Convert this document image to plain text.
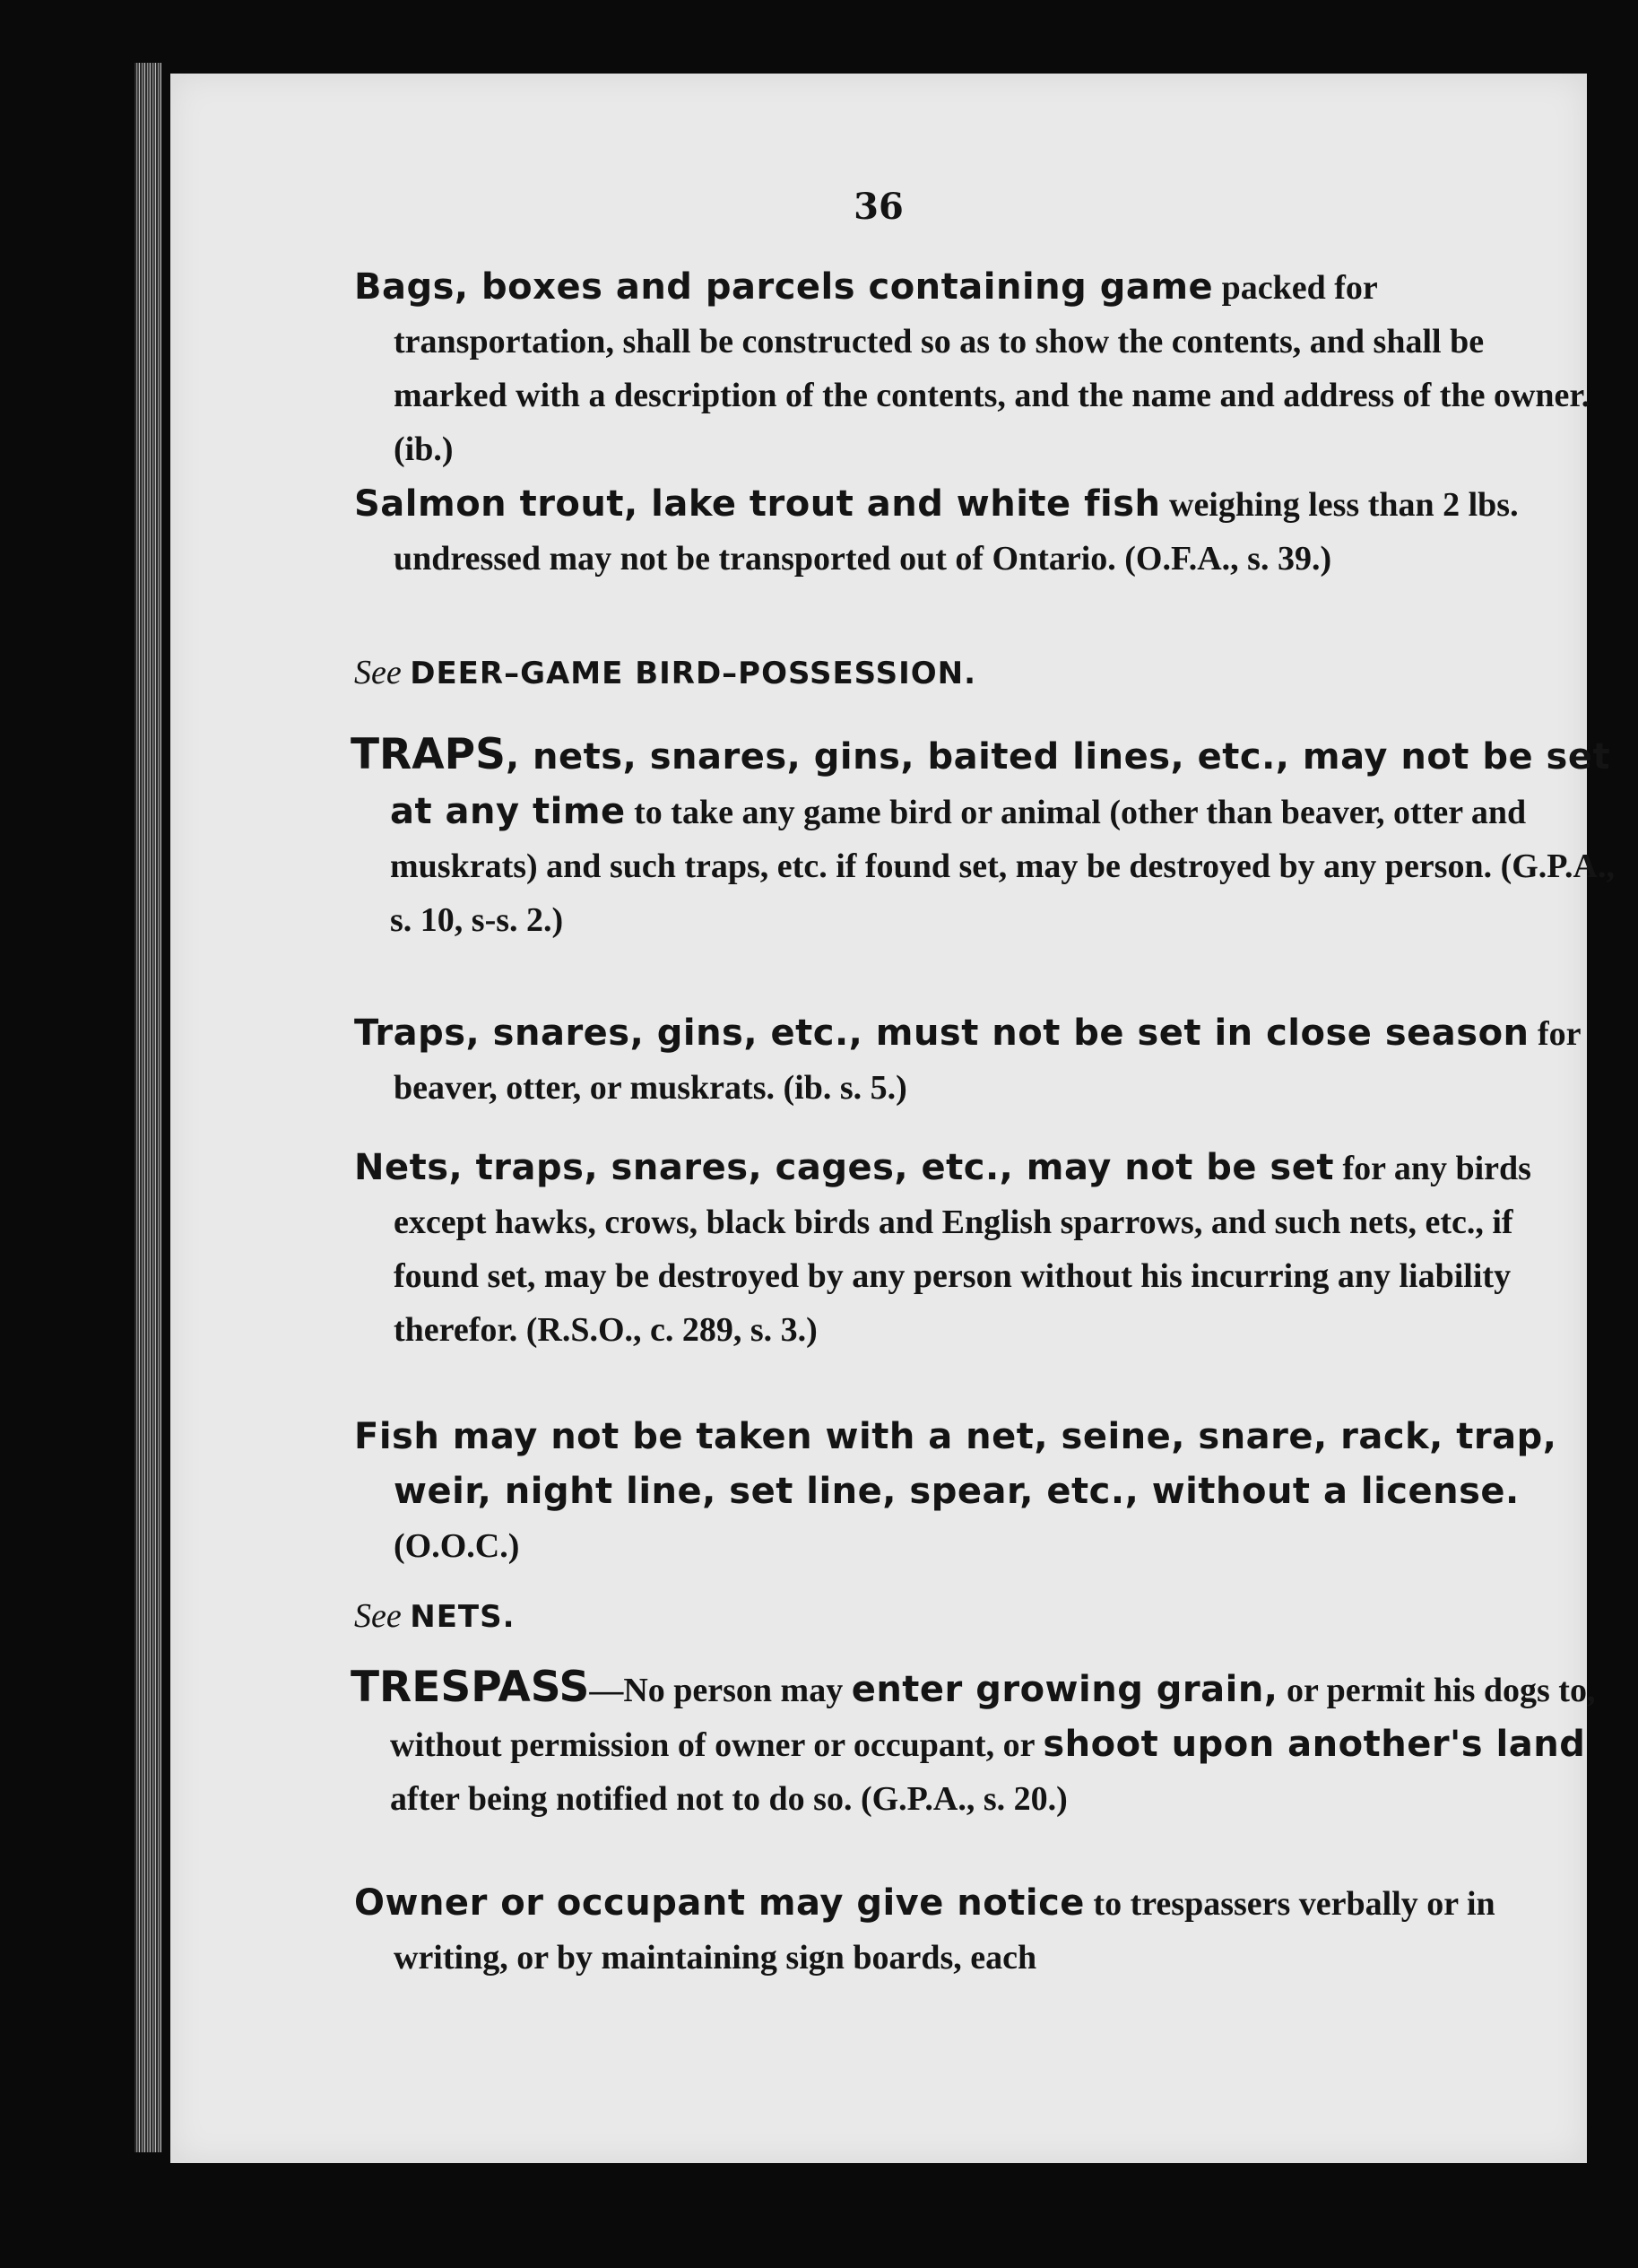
36

Bags, boxes and parcels containing game packed for transportation, shall be constructed so as to show the contents, and shall be marked with a description of the contents, and the name and address of the owner. (ib.)

Salmon trout, lake trout and white fish weighing less than 2 lbs. undressed may not be transported out of Ontario. (O.F.A., s. 39.)

See DEER–GAME BIRD–POSSESSION.

TRAPS, nets, snares, gins, baited lines, etc., may not be set at any time to take any game bird or animal (other than beaver, otter and muskrats) and such traps, etc. if found set, may be destroyed by any person. (G.P.A., s. 10, s-s. 2.)

Traps, snares, gins, etc., must not be set in close season for beaver, otter, or muskrats. (ib. s. 5.)

Nets, traps, snares, cages, etc., may not be set for any birds except hawks, crows, black birds and English sparrows, and such nets, etc., if found set, may be destroyed by any person without his incurring any liability therefor. (R.S.O., c. 289, s. 3.)

Fish may not be taken with a net, seine, snare, rack, trap, weir, night line, set line, spear, etc., without a license. (O.O.C.)

See NETS.

TRESPASS—No person may enter growing grain, or permit his dogs to, without permission of owner or occupant, or shoot upon another's land after being notified not to do so. (G.P.A., s. 20.)

Owner or occupant may give notice to trespassers verbally or in writing, or by maintaining sign boards, each
